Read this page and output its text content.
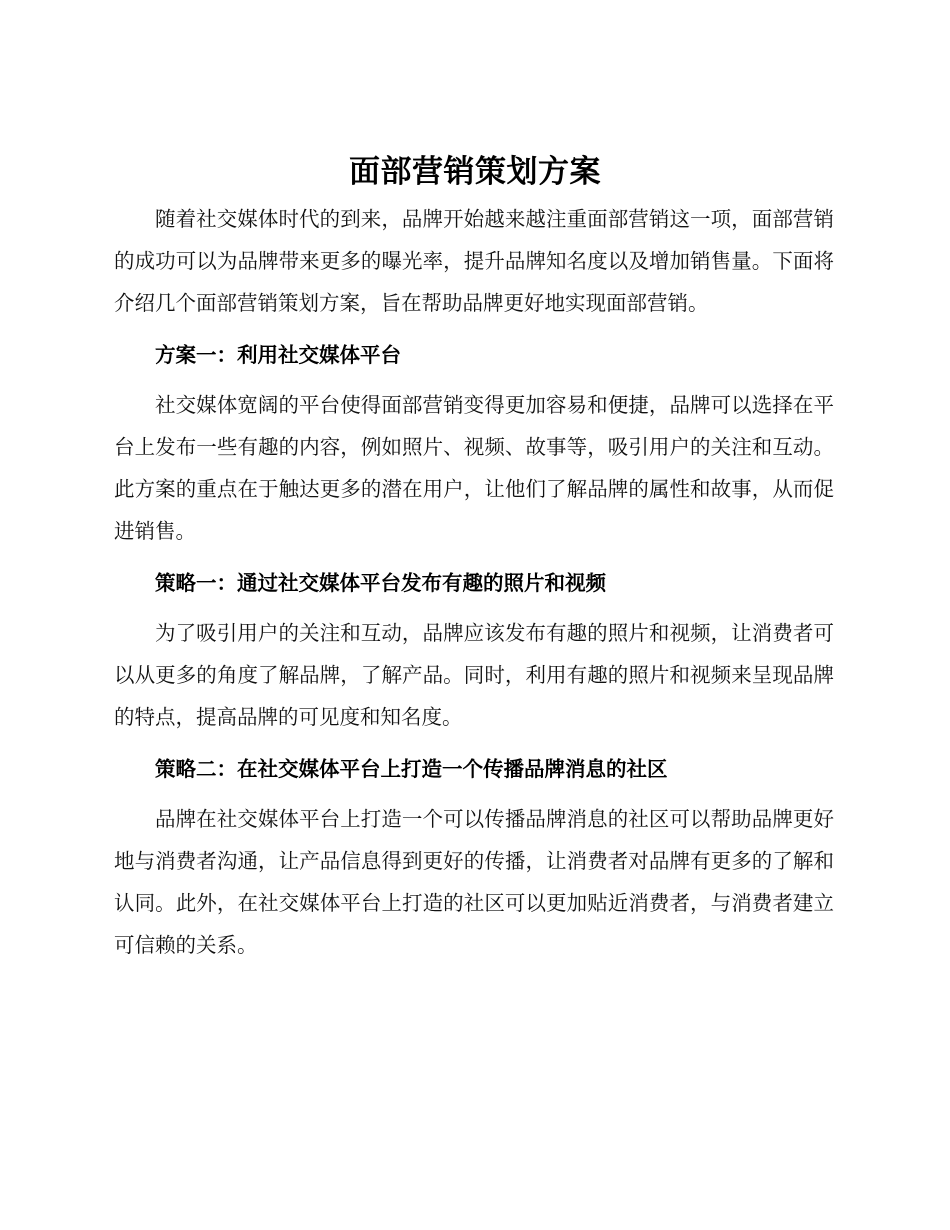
面部营销策划方案

随着社交媒体时代的到来，品牌开始越来越注重面部营销这一项，面部营销的成功可以为品牌带来更多的曝光率，提升品牌知名度以及增加销售量。下面将介绍几个面部营销策划方案，旨在帮助品牌更好地实现面部营销。

方案一：利用社交媒体平台

社交媒体宽阔的平台使得面部营销变得更加容易和便捷，品牌可以选择在平台上发布一些有趣的内容，例如照片、视频、故事等，吸引用户的关注和互动。此方案的重点在于触达更多的潜在用户，让他们了解品牌的属性和故事，从而促进销售。

策略一：通过社交媒体平台发布有趣的照片和视频

为了吸引用户的关注和互动，品牌应该发布有趣的照片和视频，让消费者可以从更多的角度了解品牌，了解产品。同时，利用有趣的照片和视频来呈现品牌的特点，提高品牌的可见度和知名度。

策略二：在社交媒体平台上打造一个传播品牌消息的社区

品牌在社交媒体平台上打造一个可以传播品牌消息的社区可以帮助品牌更好地与消费者沟通，让产品信息得到更好的传播，让消费者对品牌有更多的了解和认同。此外，在社交媒体平台上打造的社区可以更加贴近消费者，与消费者建立可信赖的关系。
